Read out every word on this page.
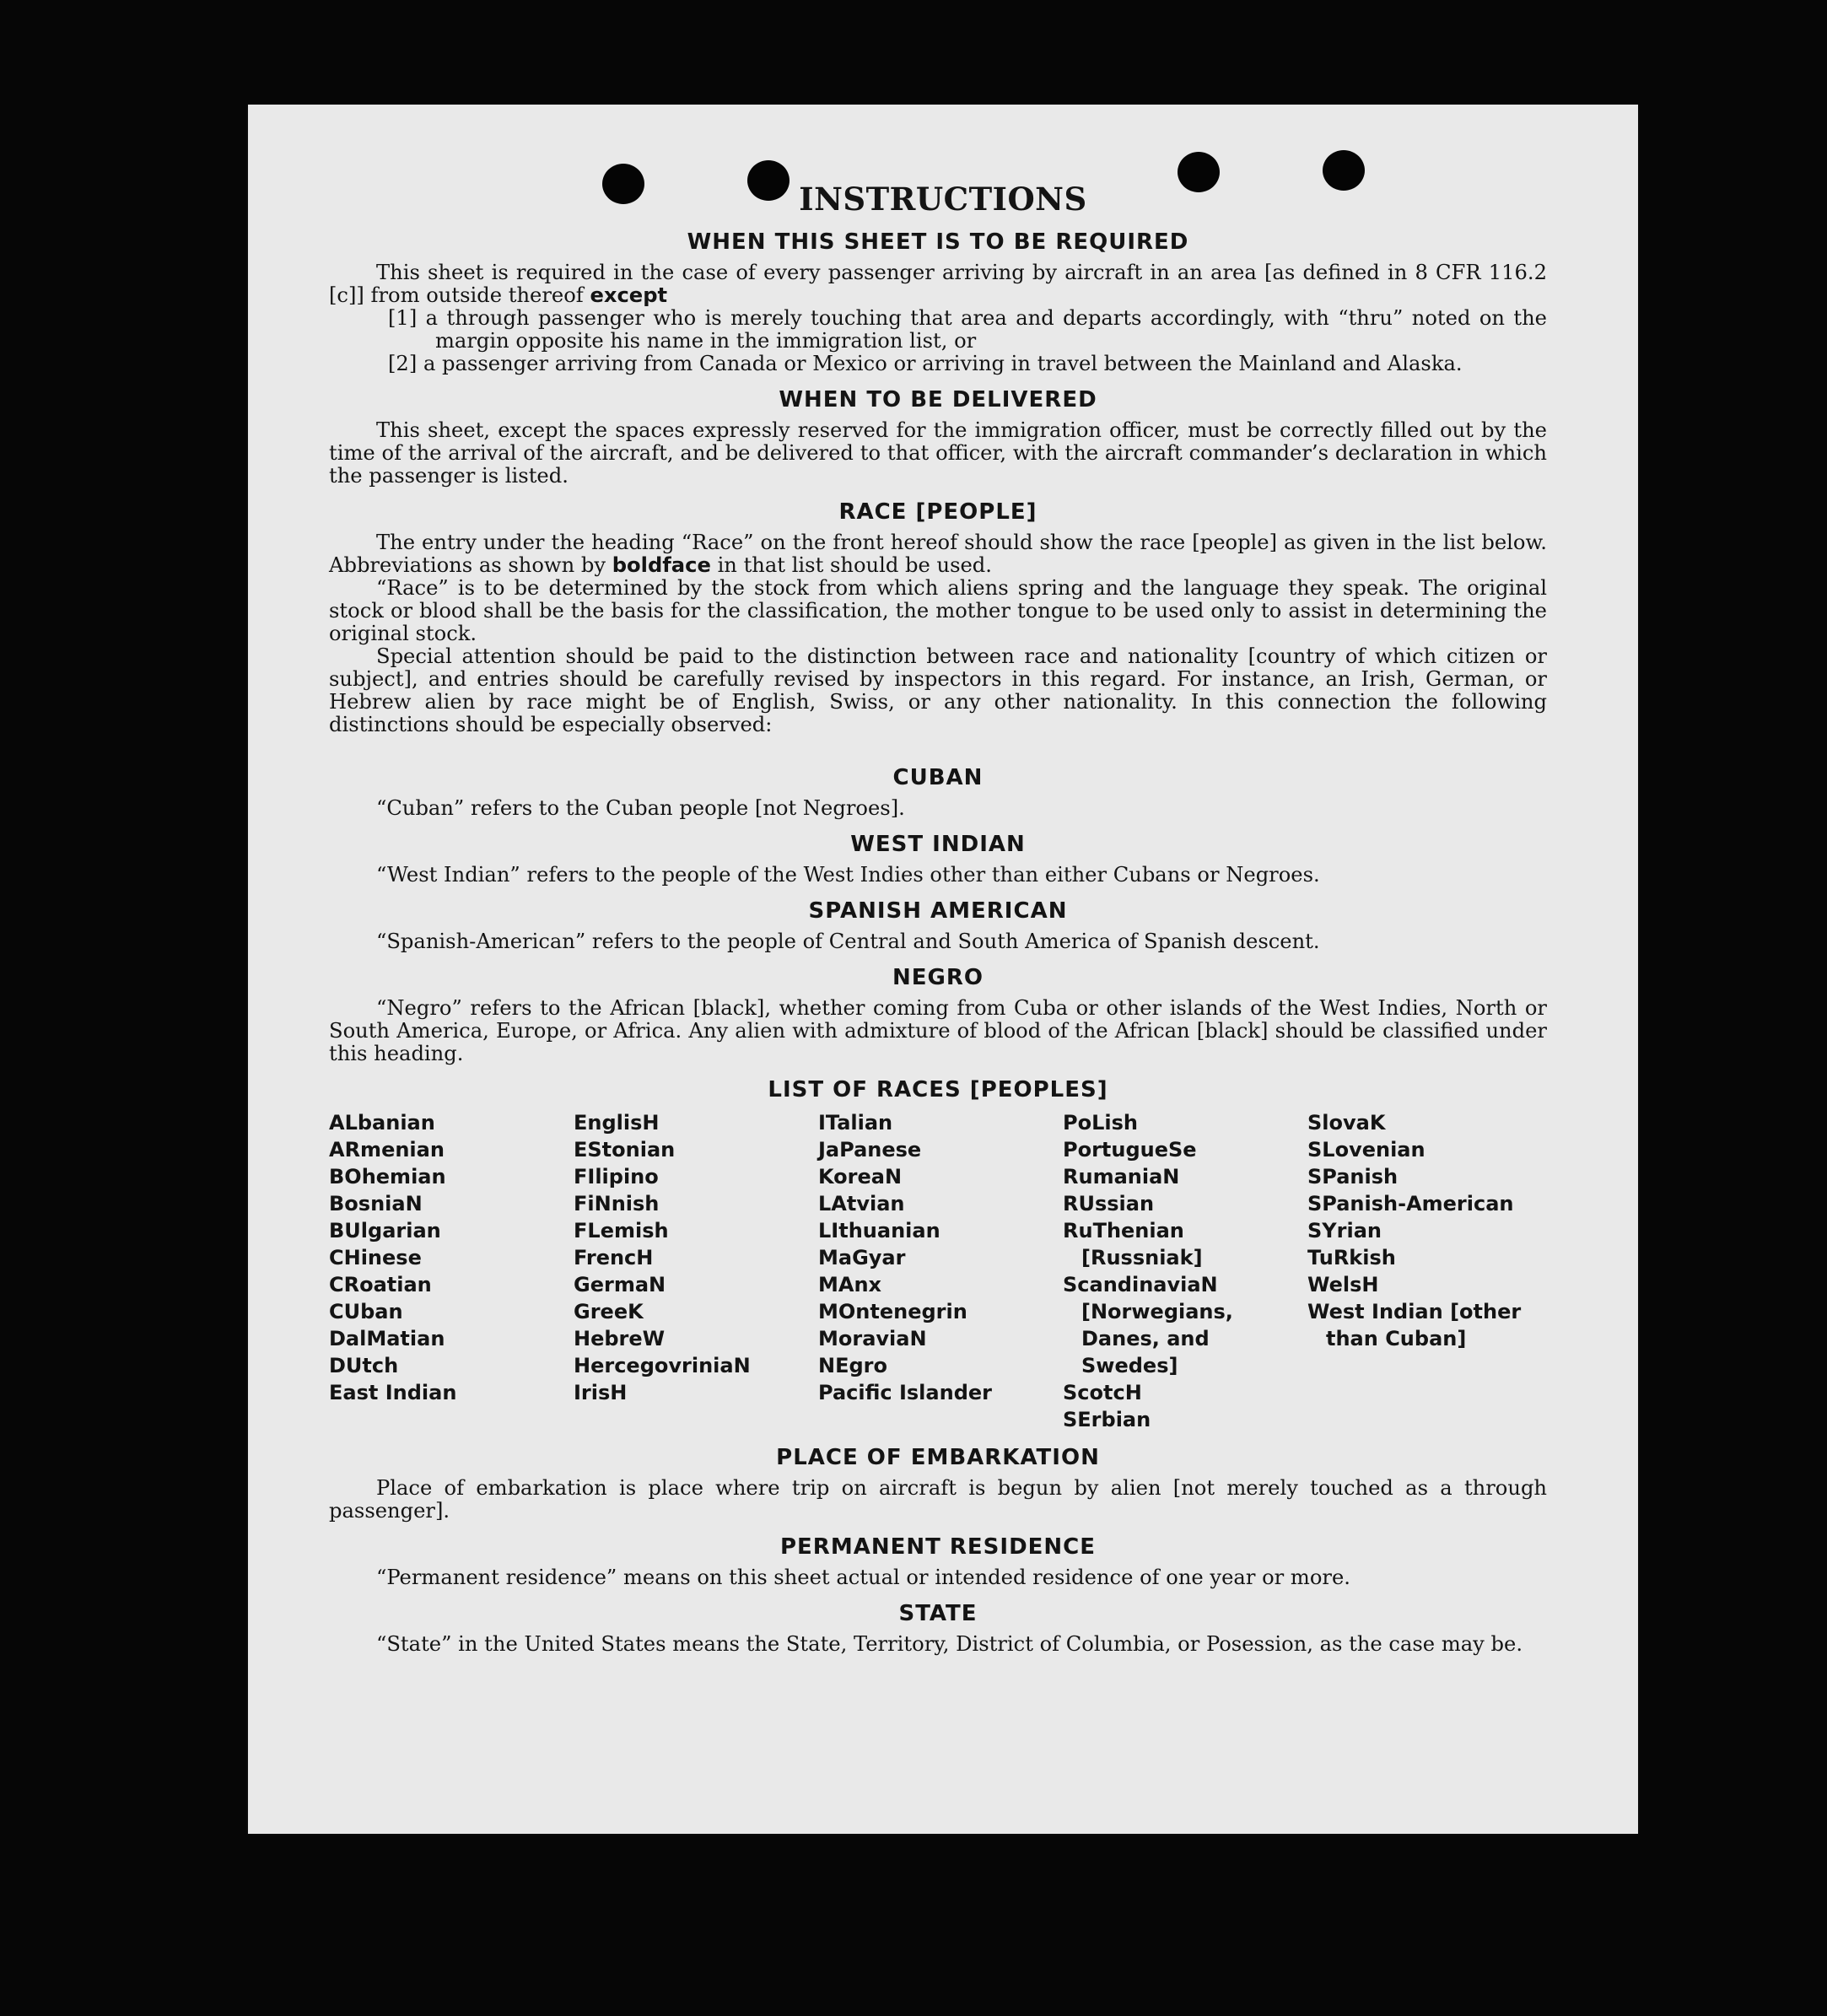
INSTRUCTIONS
WHEN THIS SHEET IS TO BE REQUIRED

This sheet is required in the case of every passenger arriving by aircraft in an area [as defined in 8 CFR 116.2 [c]] from outside thereof except

[1] a through passenger who is merely touching that area and departs accordingly, with “thru” noted on the margin opposite his name in the immigration list, or

[2] a passenger arriving from Canada or Mexico or arriving in travel between the Mainland and Alaska.

WHEN TO BE DELIVERED

This sheet, except the spaces expressly reserved for the immigration officer, must be correctly filled out by the time of the arrival of the aircraft, and be delivered to that officer, with the aircraft commander’s declaration in which the passenger is listed.

RACE [PEOPLE]

The entry under the heading “Race” on the front hereof should show the race [people] as given in the list below. Abbreviations as shown by boldface in that list should be used.

“Race” is to be determined by the stock from which aliens spring and the language they speak. The original stock or blood shall be the basis for the classification, the mother tongue to be used only to assist in determining the original stock.

Special attention should be paid to the distinction between race and nationality [country of which citizen or subject], and entries should be carefully revised by inspectors in this regard. For instance, an Irish, German, or Hebrew alien by race might be of English, Swiss, or any other nationality. In this connection the following distinctions should be especially observed:

CUBAN

“Cuban” refers to the Cuban people [not Negroes].

WEST INDIAN

“West Indian” refers to the people of the West Indies other than either Cubans or Negroes.

SPANISH AMERICAN

“Spanish-American” refers to the people of Central and South America of Spanish descent.

NEGRO

“Negro” refers to the African [black], whether coming from Cuba or other islands of the West Indies, North or South America, Europe, or Africa. Any alien with admixture of blood of the African [black] should be classified under this heading.

LIST OF RACES [PEOPLES]
ALbanian
ARmenian
BOhemian
BosniaN
BUlgarian
CHinese
CRoatian
CUban
DalMatian
DUtch
East Indian
EnglisH
EStonian
FIlipino
FiNnish
FLemish
FrencH
GermaN
GreeK
HebreW
HercegovriniaN
IrisH
ITalian
JaPanese
KoreaN
LAtvian
LIthuanian
MaGyar
MAnx
MOntenegrin
MoraviaN
NEgro
Pacific Islander
PoLish
PortugueSe
RumaniaN
RUssian
RuThenian [Russniak]
ScandinaviaN [Norwegians, Danes, and Swedes]
ScotcH
SErbian
SlovaK
SLovenian
SPanish
SPanish-American
SYrian
TuRkish
WelsH
West Indian [other than Cuban]
PLACE OF EMBARKATION

Place of embarkation is place where trip on aircraft is begun by alien [not merely touched as a through passenger].

PERMANENT RESIDENCE

“Permanent residence” means on this sheet actual or intended residence of one year or more.

STATE

“State” in the United States means the State, Territory, District of Columbia, or Posession, as the case may be.
